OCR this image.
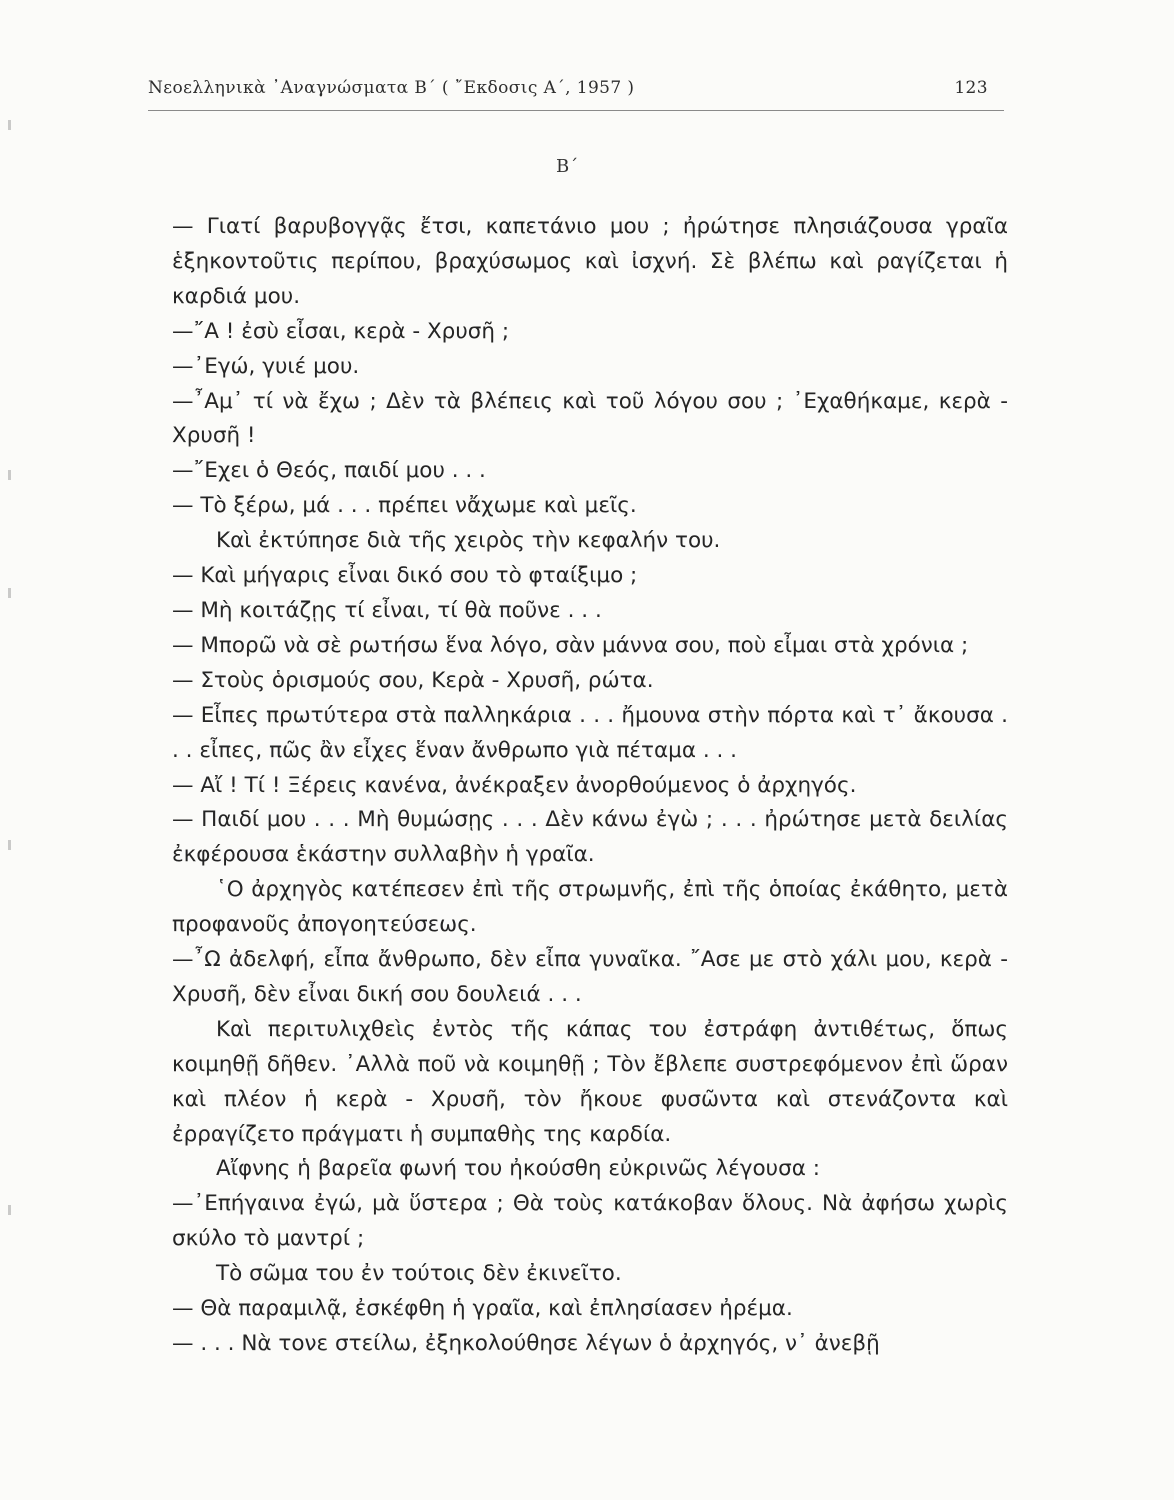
Νεοελληνικὰ ᾿Αναγνώσματα Β΄ ( ῎Εκδοσις Α΄, 1957 )	123
Β΄

— Γιατί βαρυβογγᾷς ἔτσι, καπετάνιο μου ; ἠρώτησε πλησιάζουσα γραῖα ἑξηκοντοῦτις περίπου, βραχύσωμος καὶ ἰσχνή. Σὲ βλέπω καὶ ραγίζεται ἡ καρδιά μου.

—῎Α ! ἐσὺ εἶσαι, κερὰ - Χρυσῆ ;

—᾿Εγώ, γυιέ μου.

—῏Αμ᾿ τί νὰ ἔχω ; Δὲν τὰ βλέπεις καὶ τοῦ λόγου σου ; ᾿Εχαθήκαμε, κερὰ - Χρυσῆ !

—῎Εχει ὁ Θεός, παιδί μου . . .

— Τὸ ξέρω, μά . . . πρέπει νἄχωμε καὶ μεῖς.

Καὶ ἐκτύπησε διὰ τῆς χειρὸς τὴν κεφαλήν του.

— Καὶ μήγαρις εἶναι δικό σου τὸ φταίξιμο ;

— Μὴ κοιτάζῃς τί εἶναι, τί θὰ ποῦνε . . .

— Μπορῶ νὰ σὲ ρωτήσω ἕνα λόγο, σὰν μάννα σου, ποὺ εἶμαι στὰ χρόνια ;

— Στοὺς ὁρισμούς σου, Κερὰ - Χρυσῆ, ρώτα.

— Εἶπες πρωτύτερα στὰ παλληκάρια . . . ἤμουνα στὴν πόρτα καὶ τ᾿ ἄκουσα . . . εἶπες, πῶς ἂν εἶχες ἕναν ἄνθρωπο γιὰ πέταμα . . .

— Αἴ ! Τί ! Ξέρεις κανένα, ἀνέκραξεν ἀνορθούμενος ὁ ἀρχηγός.

— Παιδί μου . . . Μὴ θυμώσῃς . . . Δὲν κάνω ἐγὼ ; . . . ἠρώτησε μετὰ δειλίας ἐκφέρουσα ἑκάστην συλλαβὴν ἡ γραῖα.

῾Ο ἀρχηγὸς κατέπεσεν ἐπὶ τῆς στρωμνῆς, ἐπὶ τῆς ὁποίας ἐκάθητο, μετὰ προφανοῦς ἀπογοητεύσεως.

—῏Ω ἀδελφή, εἶπα ἄνθρωπο, δὲν εἶπα γυναῖκα. ῎Ασε με στὸ χάλι μου, κερὰ - Χρυσῆ, δὲν εἶναι δική σου δουλειά . . .

Καὶ περιτυλιχθεὶς ἐντὸς τῆς κάπας του ἐστράφη ἀντιθέτως, ὅπως κοιμηθῇ δῆθεν. ᾿Αλλὰ ποῦ νὰ κοιμηθῇ ; Τὸν ἔβλεπε συστρεφόμενον ἐπὶ ὥραν καὶ πλέον ἡ κερὰ - Χρυσῆ, τὸν ἤκουε φυσῶντα καὶ στενάζοντα καὶ ἐρραγίζετο πράγματι ἡ συμπαθὴς της καρδία.

Αἴφνης ἡ βαρεῖα φωνή του ἠκούσθη εὐκρινῶς λέγουσα :

—᾿Επήγαινα ἐγώ, μὰ ὕστερα ; Θὰ τοὺς κατάκοβαν ὅλους. Νὰ ἀφήσω χωρὶς σκύλο τὸ μαντρί ;

Τὸ σῶμα του ἐν τούτοις δὲν ἐκινεῖτο.

— Θὰ παραμιλᾷ, ἐσκέφθη ἡ γραῖα, καὶ ἐπλησίασεν ἠρέμα.

— . . . Νὰ τονε στείλω, ἐξηκολούθησε λέγων ὁ ἀρχηγός, ν᾿ ἀνεβῇ
